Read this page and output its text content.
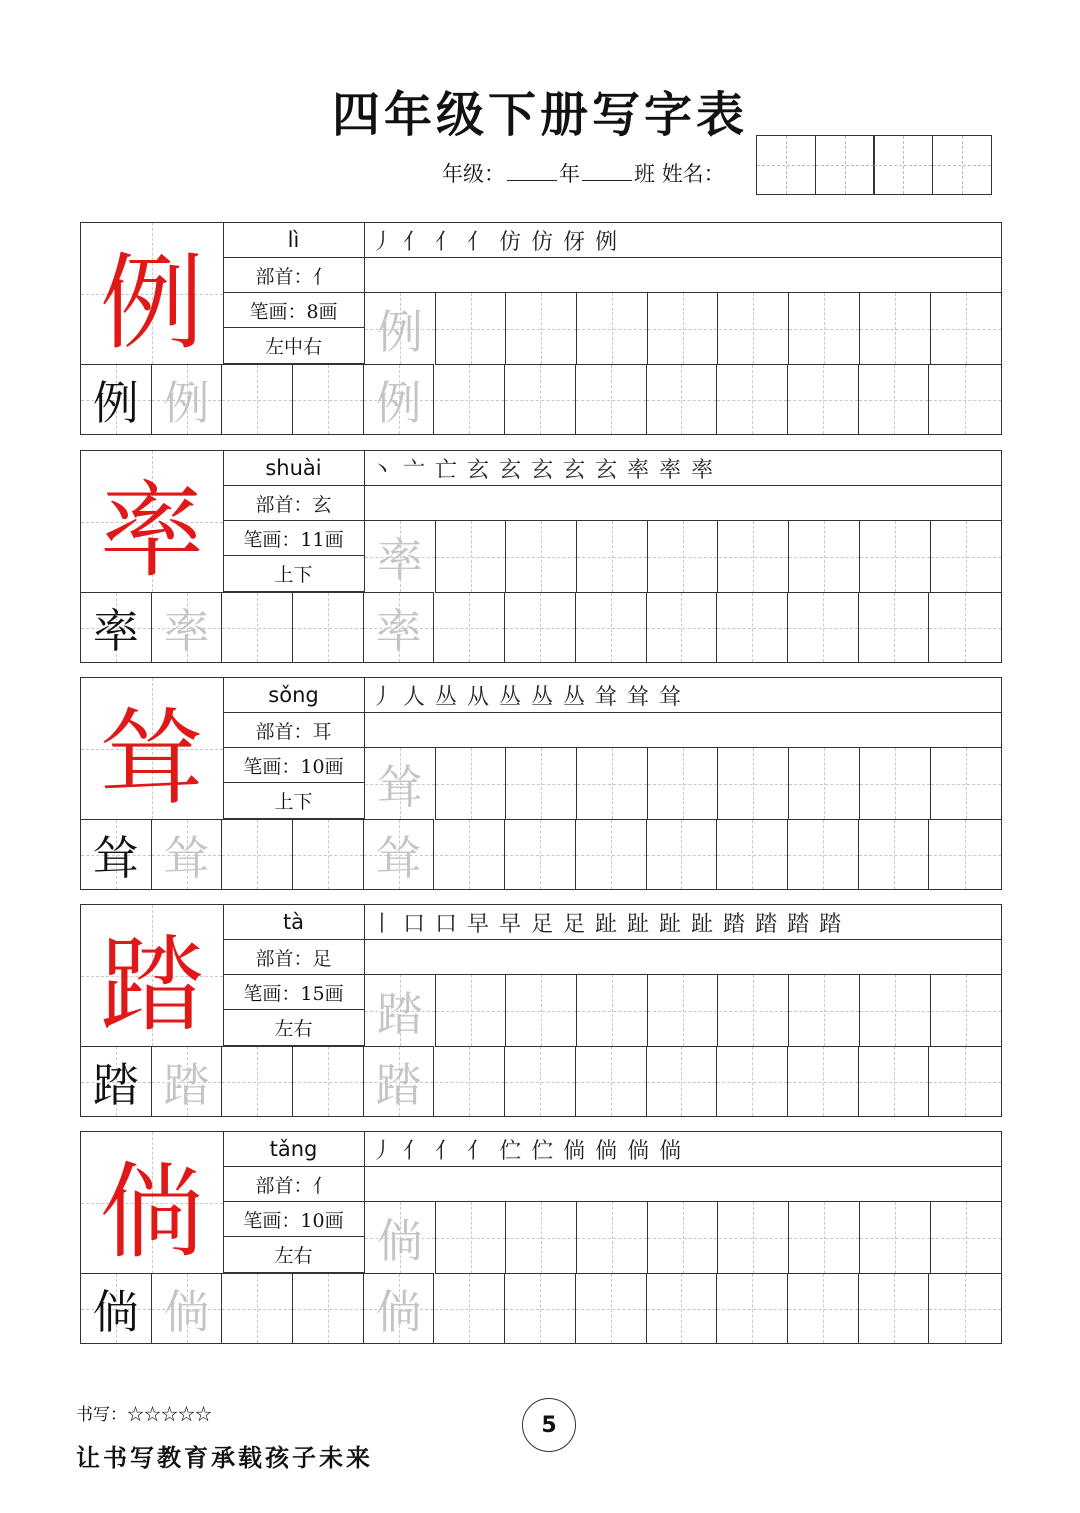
四年级下册写字表
年级：	年	班 姓名：
例
lì
部首：亻
笔画：8画
左中右
丿 亻 亻 亻 仿 仿 伢 例
例
例 例	例
率
shuài
部首：玄
笔画：11画
上下
丶 亠 亡 玄 玄 玄 玄 玄 率 率 率
率
率 率	率
耸
sǒng
部首：耳
笔画：10画
上下
丿 人 丛 从 丛 丛 丛 耸 耸 耸
耸
耸 耸	耸
踏
tà
部首：足
笔画：15画
左右
丨 口 口 早 早 足 足 趾 趾 趾 趾 踏 踏 踏 踏
踏
踏 踏	踏
倘
tǎng
部首：亻
笔画：10画
左右
丿 亻 亻 亻 伫 伫 倘 倘 倘 倘
倘
倘 倘	倘
书写：☆☆☆☆☆
让书写教育承载孩子未来
5
